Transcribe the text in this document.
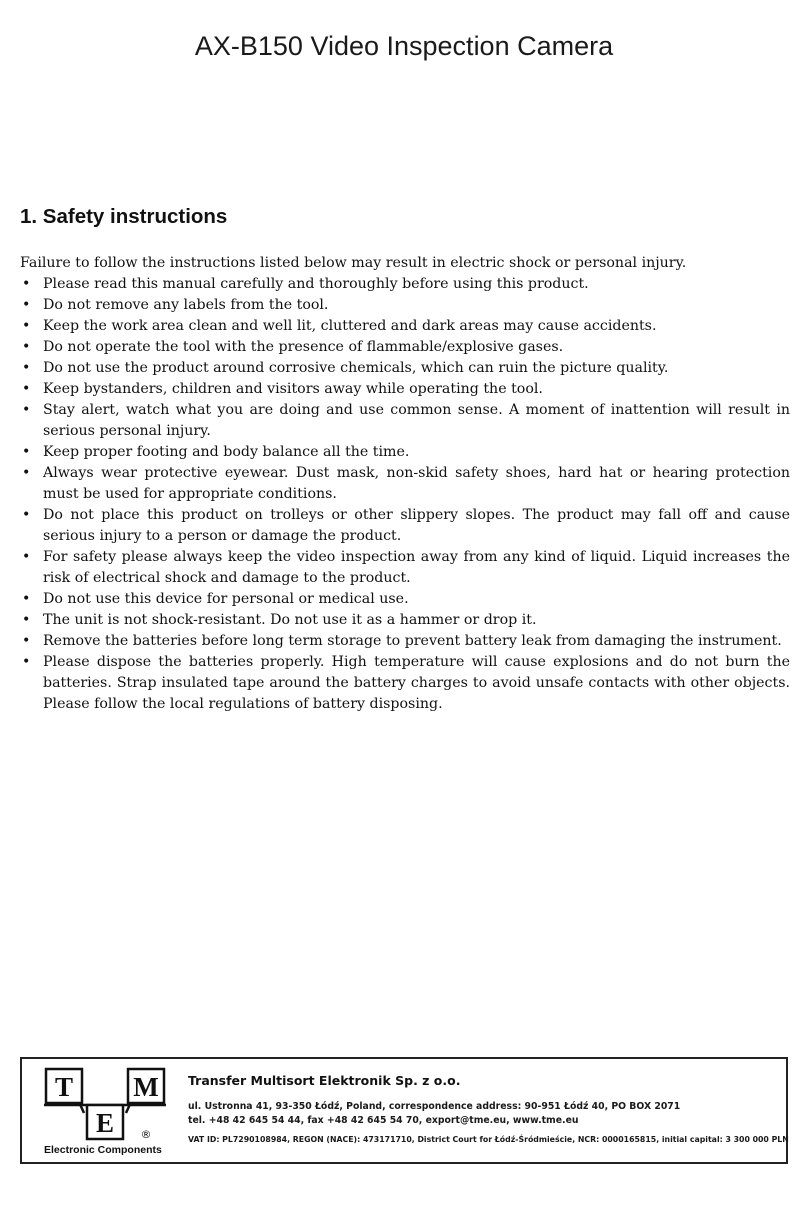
AX-B150 Video Inspection Camera
1. Safety instructions
Failure to follow the instructions listed below may result in electric shock or personal injury.
• Please read this manual carefully and thoroughly before using this product.
• Do not remove any labels from the tool.
• Keep the work area clean and well lit, cluttered and dark areas may cause accidents.
• Do not operate the tool with the presence of flammable/explosive gases.
• Do not use the product around corrosive chemicals, which can ruin the picture quality.
• Keep bystanders, children and visitors away while operating the tool.
• Stay alert, watch what you are doing and use common sense. A moment of inattention will result in serious personal injury.
• Keep proper footing and body balance all the time.
• Always wear protective eyewear. Dust mask, non-skid safety shoes, hard hat or hearing protection must be used for appropriate conditions.
• Do not place this product on trolleys or other slippery slopes. The product may fall off and cause serious injury to a person or damage the product.
• For safety please always keep the video inspection away from any kind of liquid. Liquid increases the risk of electrical shock and damage to the product.
• Do not use this device for personal or medical use.
• The unit is not shock-resistant. Do not use it as a hammer or drop it.
• Remove the batteries before long term storage to prevent battery leak from damaging the instrument.
• Please dispose the batteries properly. High temperature will cause explosions and do not burn the batteries. Strap insulated tape around the battery charges to avoid unsafe contacts with other objects. Please follow the local regulations of battery disposing.
T M
E ®
Electronic Components
Transfer Multisort Elektronik Sp. z o.o.
ul. Ustronna 41, 93-350 Łódź, Poland, correspondence address: 90-951 Łódź 40, PO BOX 2071
tel. +48 42 645 54 44, fax +48 42 645 54 70, export@tme.eu, www.tme.eu
VAT ID: PL7290108984, REGON (NACE): 473171710, District Court for Łódź-Śródmieście, NCR: 0000165815, initial capital: 3 300 000 PLN
